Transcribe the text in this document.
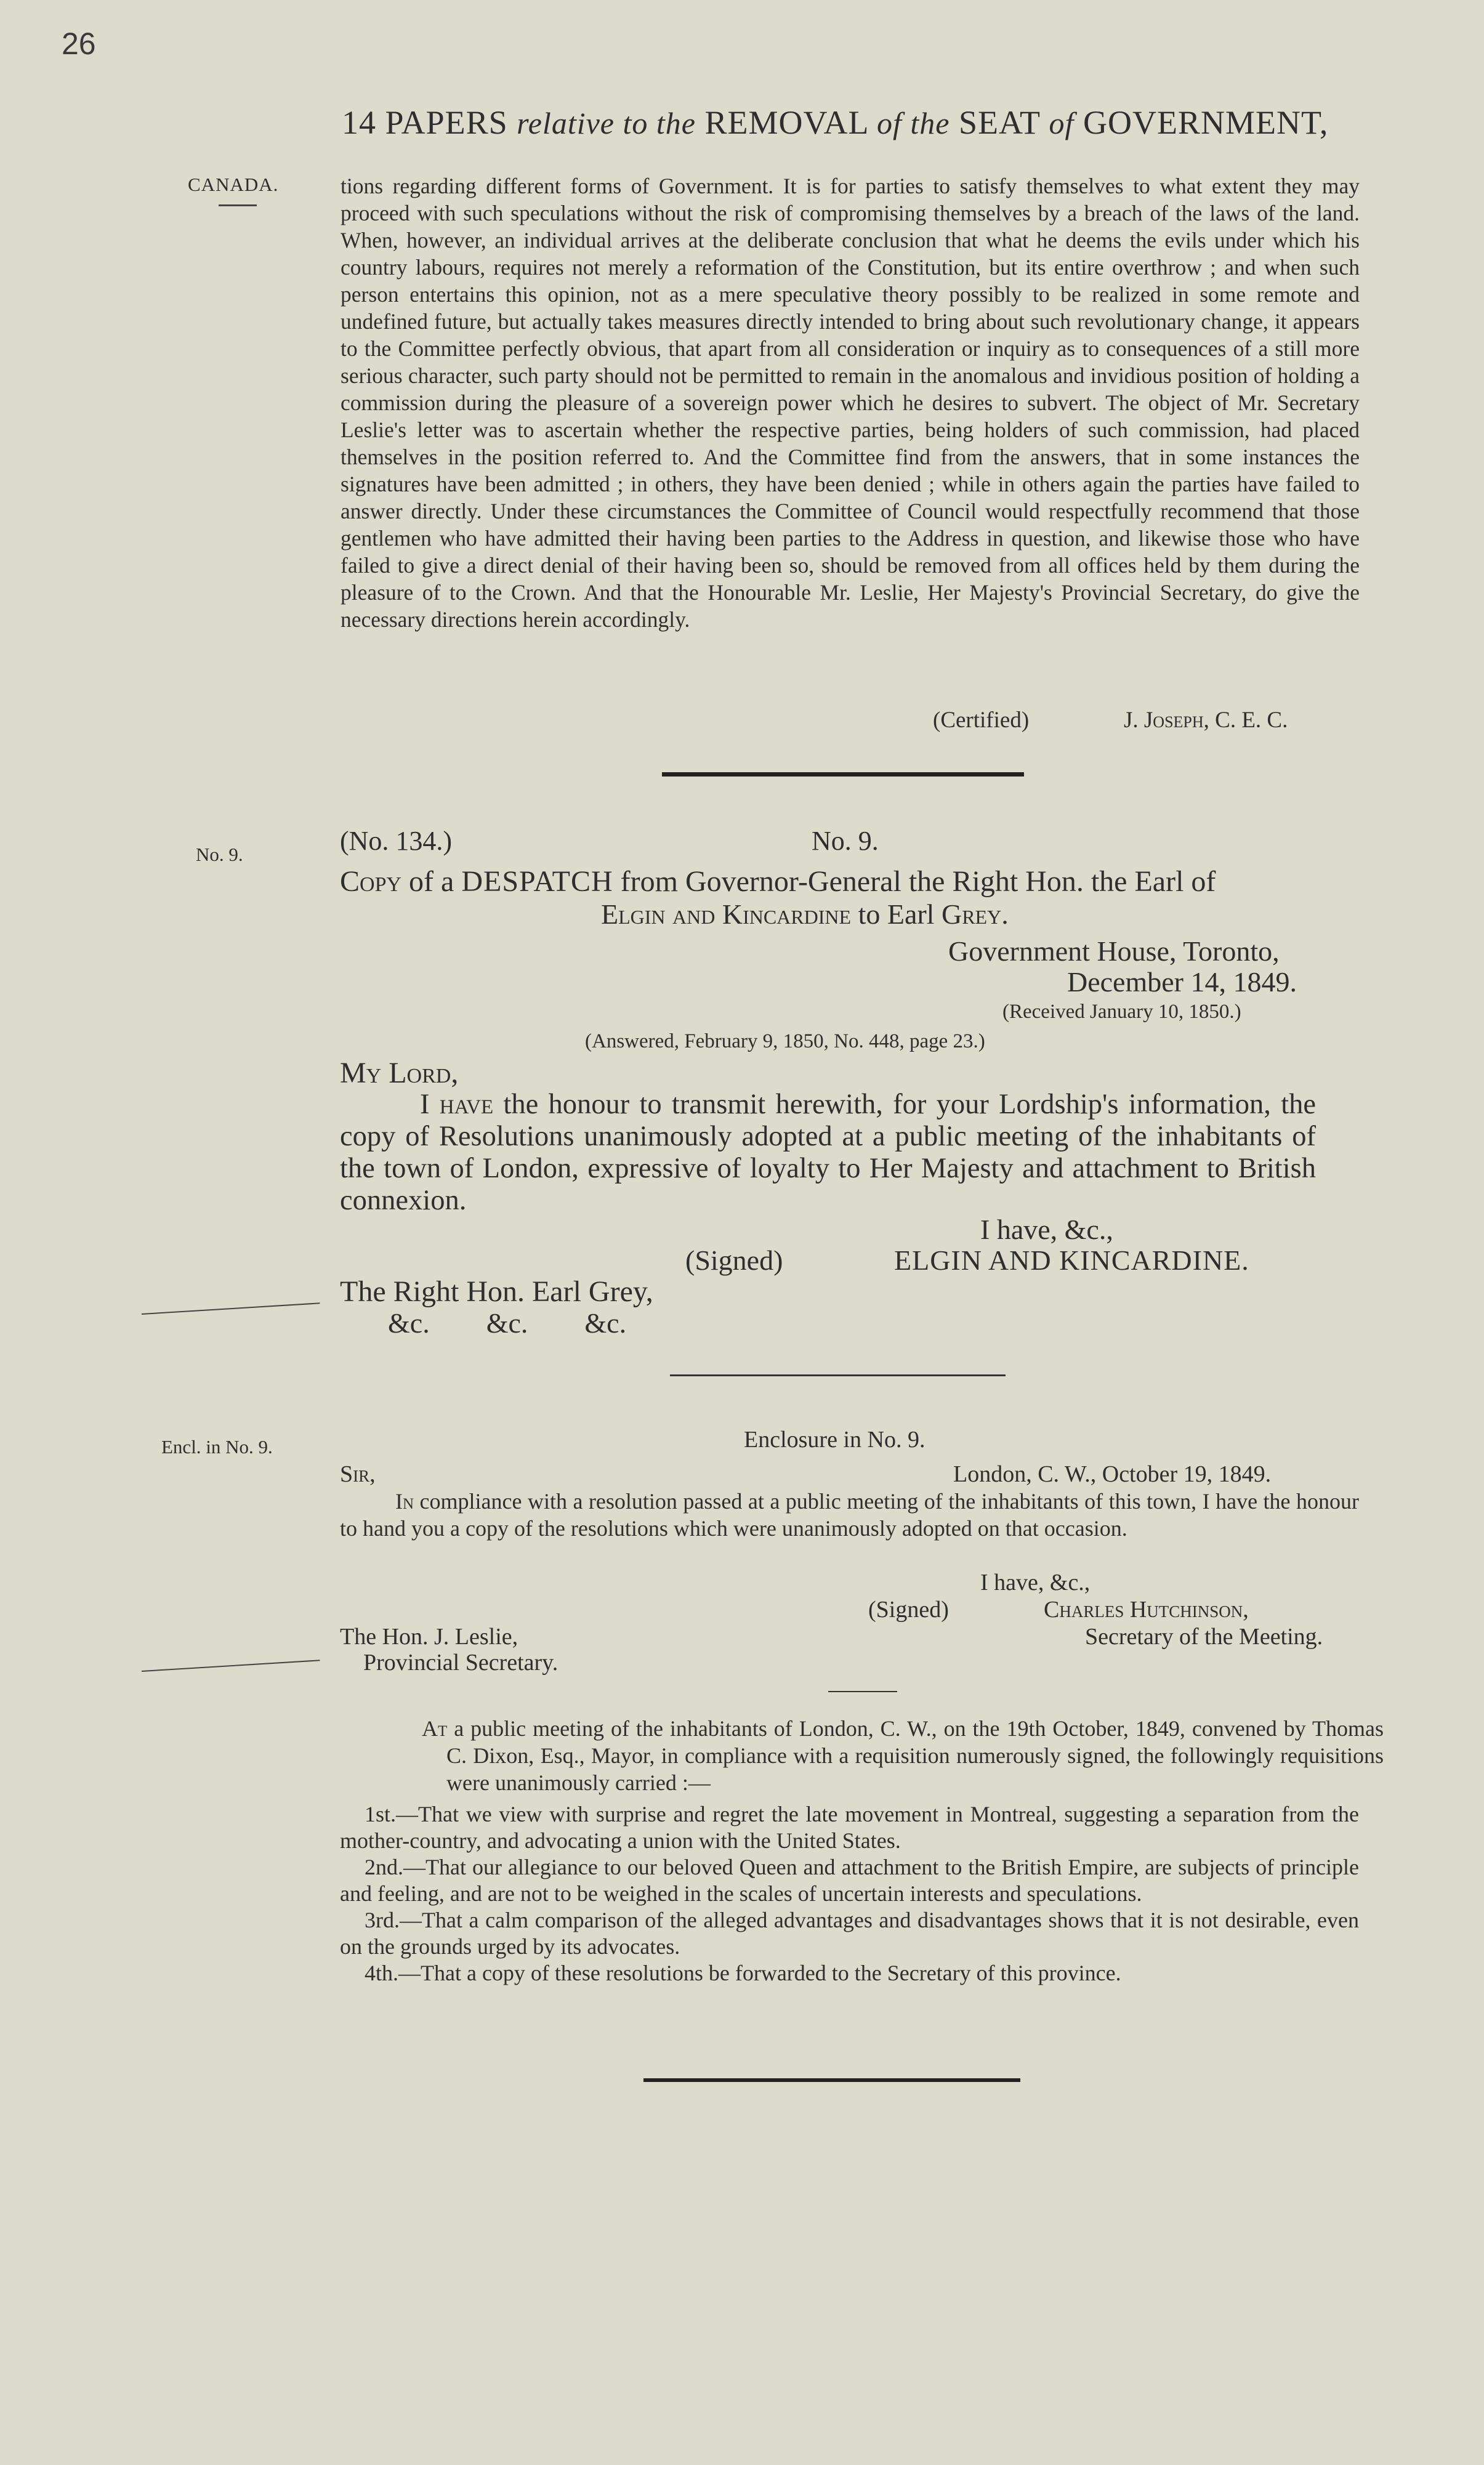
26
14 PAPERS relative to the REMOVAL of the SEAT of GOVERNMENT,
CANADA.
No. 9.
Encl. in No. 9.
tions regarding different forms of Government. It is for parties to satisfy themselves to what extent they may proceed with such speculations without the risk of compromising themselves by a breach of the laws of the land. When, however, an individual arrives at the deliberate conclusion that what he deems the evils under which his country labours, requires not merely a reformation of the Constitution, but its entire overthrow ; and when such person entertains this opinion, not as a mere speculative theory possibly to be realized in some remote and undefined future, but actually takes measures directly intended to bring about such revolutionary change, it appears to the Committee perfectly obvious, that apart from all consideration or inquiry as to consequences of a still more serious character, such party should not be permitted to remain in the anomalous and invidious position of holding a commission during the pleasure of a sovereign power which he desires to subvert. The object of Mr. Secretary Leslie's letter was to ascertain whether the respective parties, being holders of such commission, had placed themselves in the position referred to. And the Committee find from the answers, that in some instances the signatures have been admitted ; in others, they have been denied ; while in others again the parties have failed to answer directly. Under these circumstances the Committee of Council would respectfully recommend that those gentlemen who have admitted their having been parties to the Address in question, and likewise those who have failed to give a direct denial of their having been so, should be removed from all offices held by them during the pleasure of to the Crown. And that the Honourable Mr. Leslie, Her Majesty's Provincial Secretary, do give the necessary directions herein accordingly.
(Certified)	J. Joseph, C. E. C.
(No. 134.)	No. 9.
Copy of a DESPATCH from Governor-General the Right Hon. the Earl of
Elgin and Kincardine to Earl Grey.
Government House, Toronto,
December 14, 1849.
(Received January 10, 1850.)
(Answered, February 9, 1850, No. 448, page 23.)
My Lord,
I have the honour to transmit herewith, for your Lordship's information, the copy of Resolutions unanimously adopted at a public meeting of the inhabitants of the town of London, expressive of loyalty to Her Majesty and attachment to British connexion.
I have, &c.,
(Signed)	ELGIN AND KINCARDINE.
The Right Hon. Earl Grey,
&c.        &c.        &c.
Enclosure in No. 9.
Sir,	London, C. W., October 19, 1849.
In compliance with a resolution passed at a public meeting of the inhabitants of this town, I have the honour to hand you a copy of the resolutions which were unanimously adopted on that occasion.
I have, &c.,
(Signed)	Charles Hutchinson,
Secretary of the Meeting.
The Hon. J. Leslie,
Provincial Secretary.
At a public meeting of the inhabitants of London, C. W., on the 19th October, 1849, convened by Thomas C. Dixon, Esq., Mayor, in compliance with a requisition numerously signed, the followingly requisitions were unanimously carried :—

1st.—That we view with surprise and regret the late movement in Montreal, suggesting a separation from the mother-country, and advocating a union with the United States.

2nd.—That our allegiance to our beloved Queen and attachment to the British Empire, are subjects of principle and feeling, and are not to be weighed in the scales of uncertain interests and speculations.

3rd.—That a calm comparison of the alleged advantages and disadvantages shows that it is not desirable, even on the grounds urged by its advocates.

4th.—That a copy of these resolutions be forwarded to the Secretary of this province.
